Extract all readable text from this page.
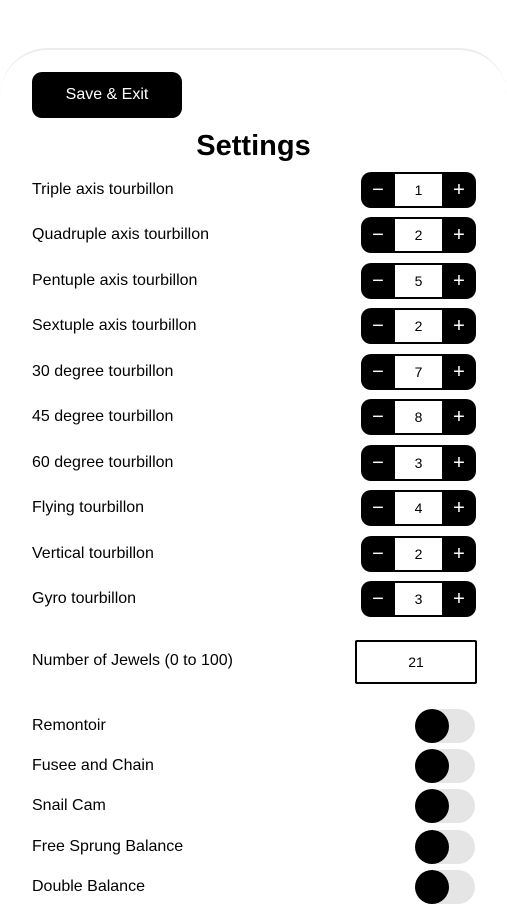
Save & Exit
Settings
Triple axis tourbillon	−	1	+
Quadruple axis tourbillon	−	2	+
Pentuple axis tourbillon	−	5	+
Sextuple axis tourbillon	−	2	+
30 degree tourbillon	−	7	+
45 degree tourbillon	−	8	+
60 degree tourbillon	−	3	+
Flying tourbillon	−	4	+
Vertical tourbillon	−	2	+
Gyro tourbillon	−	3	+
Number of Jewels (0 to 100)	21
Remontoir
Fusee and Chain
Snail Cam
Free Sprung Balance
Double Balance
